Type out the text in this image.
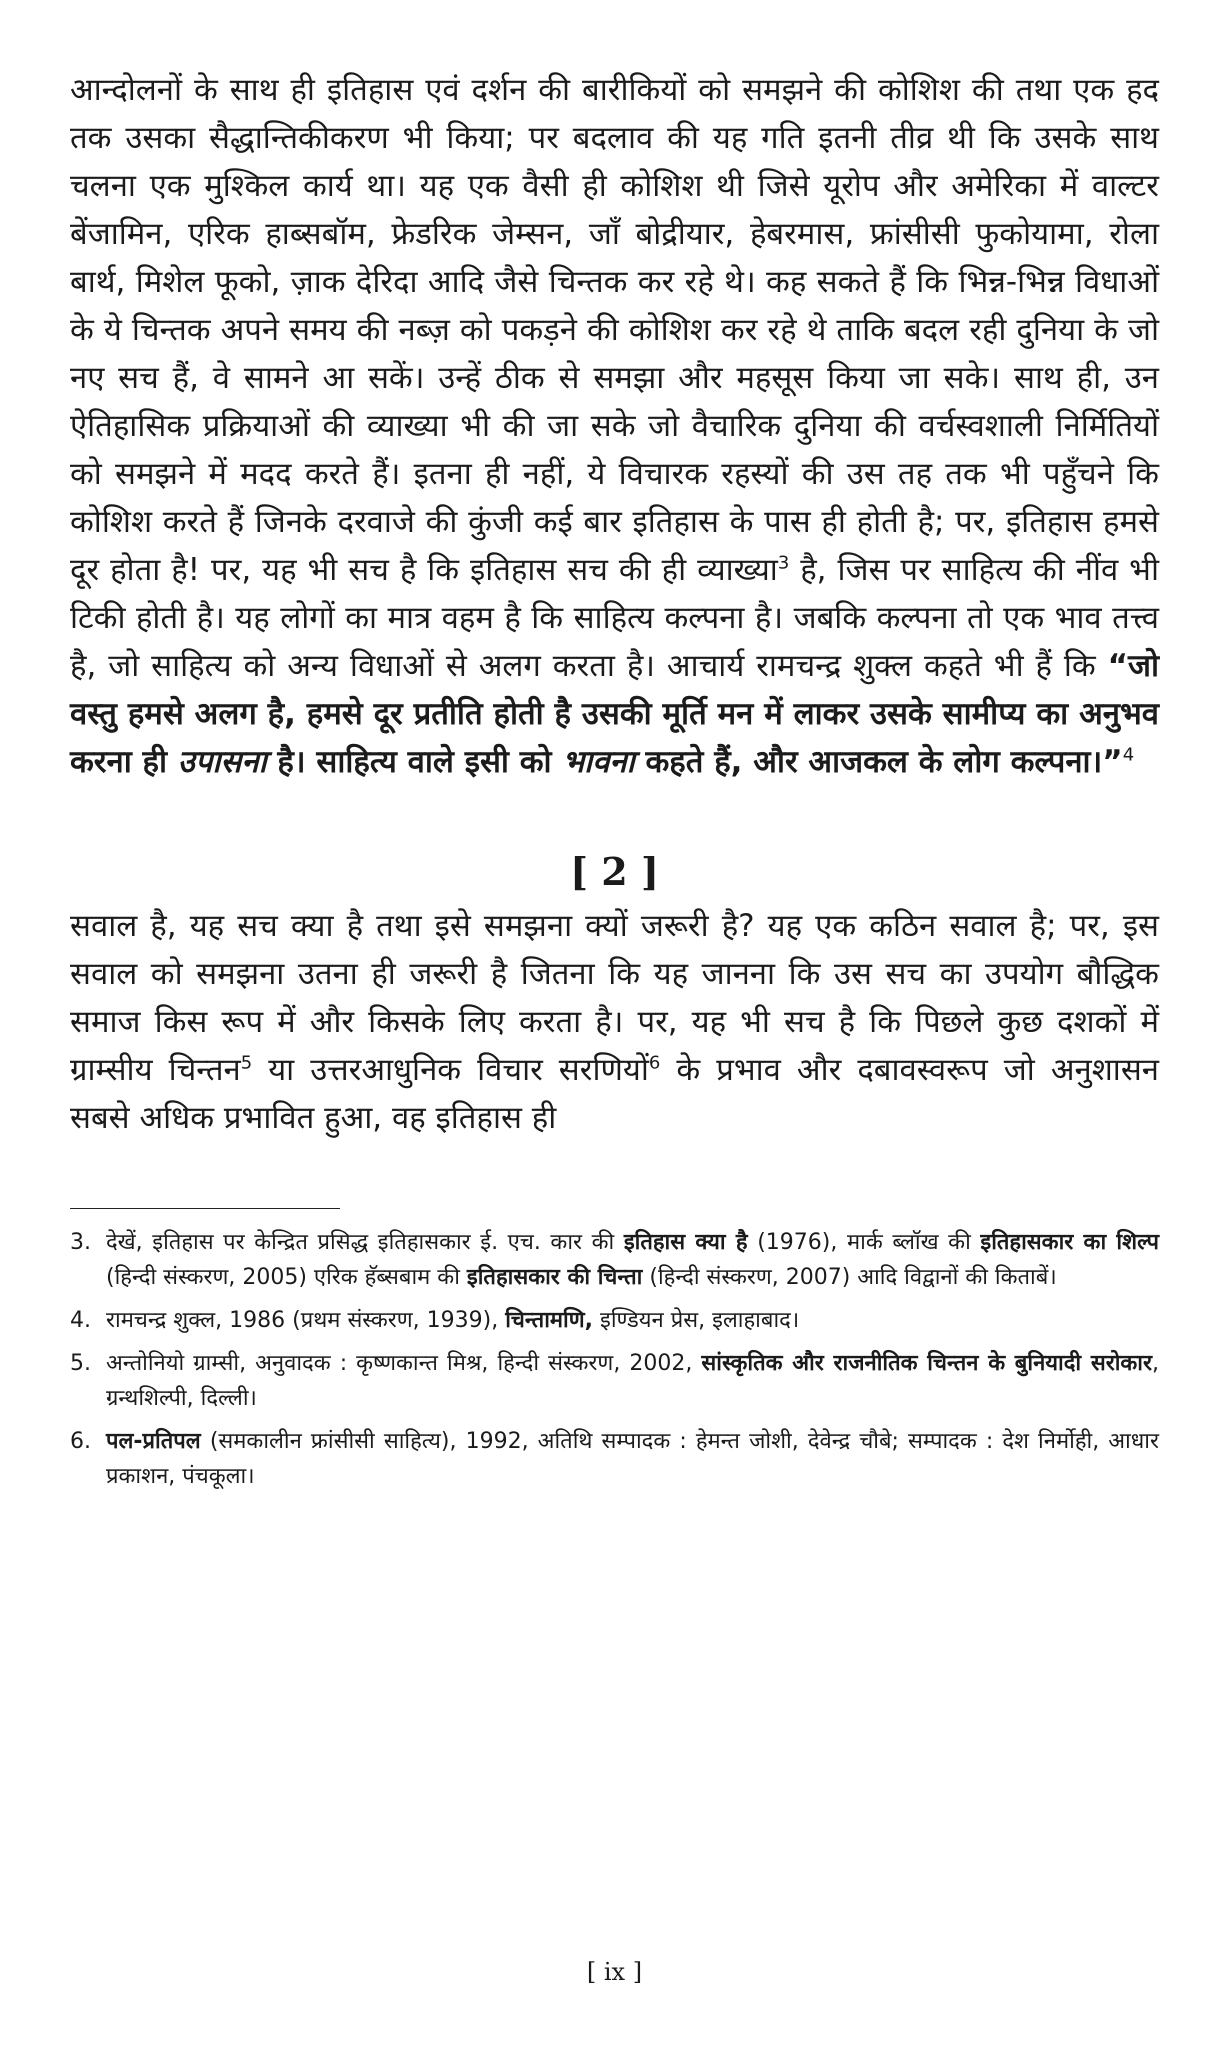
आन्दोलनों के साथ ही इतिहास एवं दर्शन की बारीकियों को समझने की कोशिश की तथा एक हद तक उसका सैद्धान्तिकीकरण भी किया; पर बदलाव की यह गति इतनी तीव्र थी कि उसके साथ चलना एक मुश्किल कार्य था। यह एक वैसी ही कोशिश थी जिसे यूरोप और अमेरिका में वाल्टर बेंजामिन, एरिक हाब्सबॉम, फ्रेडरिक जेम्सन, जाँ बोद्रीयार, हेबरमास, फ्रांसीसी फुकोयामा, रोला बार्थ, मिशेल फूको, ज़ाक देरिदा आदि जैसे चिन्तक कर रहे थे। कह सकते हैं कि भिन्न-भिन्न विधाओं के ये चिन्तक अपने समय की नब्ज़ को पकड़ने की कोशिश कर रहे थे ताकि बदल रही दुनिया के जो नए सच हैं, वे सामने आ सकें। उन्हें ठीक से समझा और महसूस किया जा सके। साथ ही, उन ऐतिहासिक प्रक्रियाओं की व्याख्या भी की जा सके जो वैचारिक दुनिया की वर्चस्वशाली निर्मितियों को समझने में मदद करते हैं। इतना ही नहीं, ये विचारक रहस्यों की उस तह तक भी पहुँचने कि कोशिश करते हैं जिनके दरवाजे की कुंजी कई बार इतिहास के पास ही होती है; पर, इतिहास हमसे दूर होता है! पर, यह भी सच है कि इतिहास सच की ही व्याख्या$^3$ है, जिस पर साहित्य की नींव भी टिकी होती है। यह लोगों का मात्र वहम है कि साहित्य कल्पना है। जबकि कल्पना तो एक भाव तत्त्व है, जो साहित्य को अन्य विधाओं से अलग करता है। आचार्य रामचन्द्र शुक्ल कहते भी हैं कि “जो वस्तु हमसे अलग है, हमसे दूर प्रतीति होती है उसकी मूर्ति मन में लाकर उसके सामीप्य का अनुभव करना ही उपासना है। साहित्य वाले इसी को भावना कहते हैं, और आजकल के लोग कल्पना।”$^4$

[ 2 ]

सवाल है, यह सच क्या है तथा इसे समझना क्यों जरूरी है? यह एक कठिन सवाल है; पर, इस सवाल को समझना उतना ही जरूरी है जितना कि यह जानना कि उस सच का उपयोग बौद्धिक समाज किस रूप में और किसके लिए करता है। पर, यह भी सच है कि पिछले कुछ दशकों में ग्राम्सीय चिन्तन$^5$ या उत्तरआधुनिक विचार सरणियों$^6$ के प्रभाव और दबावस्वरूप जो अनुशासन सबसे अधिक प्रभावित हुआ, वह इतिहास ही

3. देखें, इतिहास पर केन्द्रित प्रसिद्ध इतिहासकार ई. एच. कार की इतिहास क्या है (1976), मार्क ब्लॉख की इतिहासकार का शिल्प (हिन्दी संस्करण, 2005) एरिक हॅब्सबाम की इतिहासकार की चिन्ता (हिन्दी संस्करण, 2007) आदि विद्वानों की किताबें।
4. रामचन्द्र शुक्ल, 1986 (प्रथम संस्करण, 1939), चिन्तामणि, इण्डियन प्रेस, इलाहाबाद।
5. अन्तोनियो ग्राम्सी, अनुवादक : कृष्णकान्त मिश्र, हिन्दी संस्करण, 2002, सांस्कृतिक और राजनीतिक चिन्तन के बुनियादी सरोकार, ग्रन्थशिल्पी, दिल्ली।
6. पल-प्रतिपल (समकालीन फ्रांसीसी साहित्य), 1992, अतिथि सम्पादक : हेमन्त जोशी, देवेन्द्र चौबे; सम्पादक : देश निर्मोही, आधार प्रकाशन, पंचकूला।
[ ix ]
